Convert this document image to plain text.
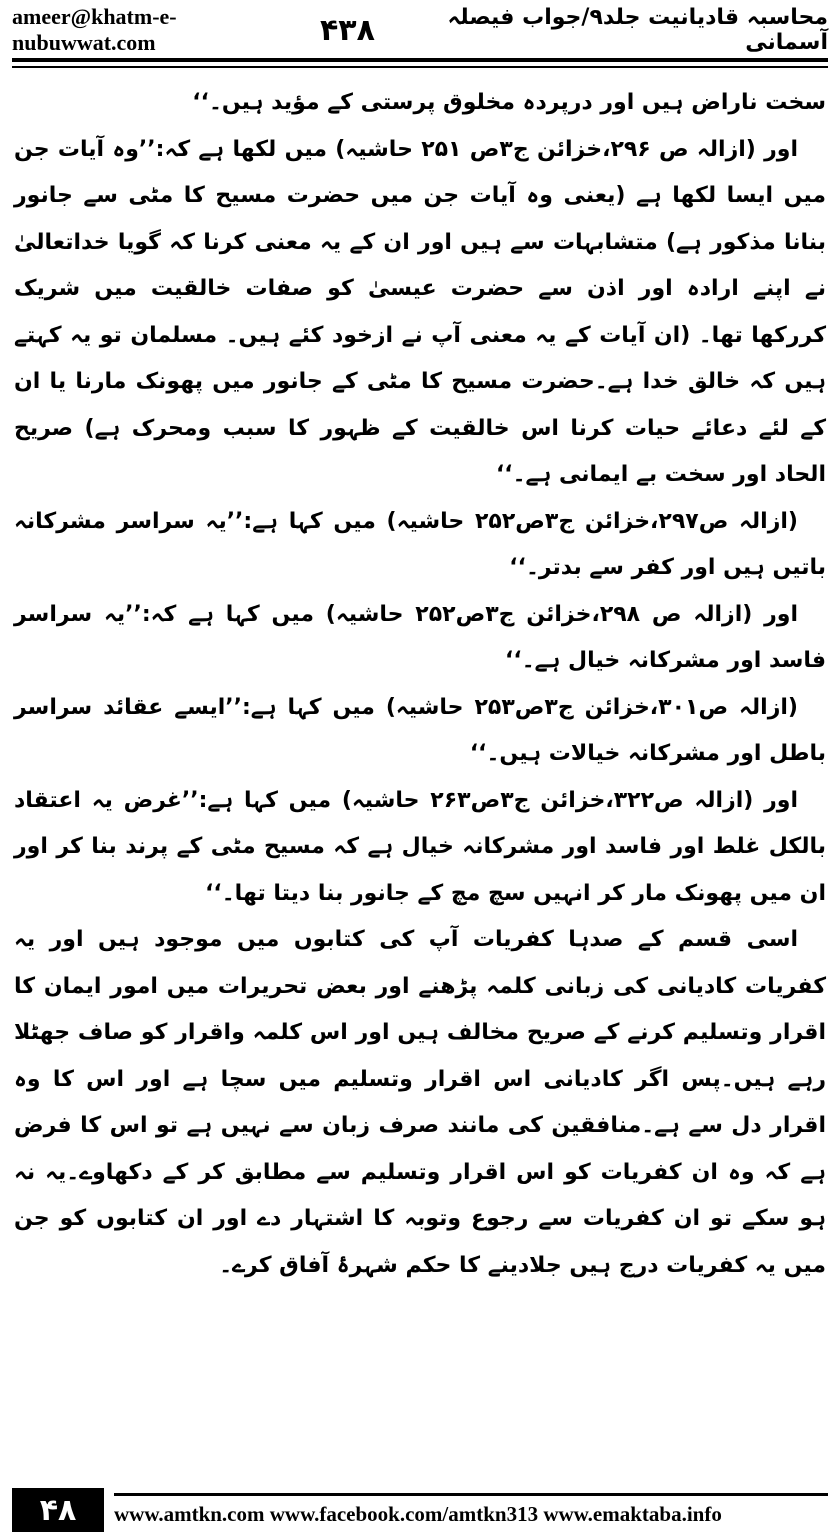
ameer@khatm-e-nubuwwat.com	۴۳۸	محاسبہ قادیانیت جلد۹/جواب فیصلہ آسمانی

سخت ناراض ہیں اور درپردہ مخلوق پرستی کے مؤید ہیں۔‘‘

اور (ازالہ ص ۲۹۶،خزائن ج۳ص ۲۵۱ حاشیہ) میں لکھا ہے کہ:’’وہ آیات جن میں ایسا لکھا ہے (یعنی وہ آیات جن میں حضرت مسیح کا مٹی سے جانور بنانا مذکور ہے) متشابہات سے ہیں اور ان کے یہ معنی کرنا کہ گویا خداتعالیٰ نے اپنے ارادہ اور اذن سے حضرت عیسیٰ کو صفات خالقیت میں شریک کررکھا تھا۔ (ان آیات کے یہ معنی آپ نے ازخود کئے ہیں۔ مسلمان تو یہ کہتے ہیں کہ خالق خدا ہے۔حضرت مسیح کا مٹی کے جانور میں پھونک مارنا یا ان کے لئے دعائے حیات کرنا اس خالقیت کے ظہور کا سبب ومحرک ہے) صریح الحاد اور سخت بے ایمانی ہے۔‘‘

(ازالہ ص۲۹۷،خزائن ج۳ص۲۵۲ حاشیہ) میں کہا ہے:’’یہ سراسر مشرکانہ باتیں ہیں اور کفر سے بدتر۔‘‘

اور (ازالہ ص ۲۹۸،خزائن ج۳ص۲۵۲ حاشیہ) میں کہا ہے کہ:’’یہ سراسر فاسد اور مشرکانہ خیال ہے۔‘‘

(ازالہ ص۳۰۱،خزائن ج۳ص۲۵۳ حاشیہ) میں کہا ہے:’’ایسے عقائد سراسر باطل اور مشرکانہ خیالات ہیں۔‘‘

اور (ازالہ ص۳۲۲،خزائن ج۳ص۲۶۳ حاشیہ) میں کہا ہے:’’غرض یہ اعتقاد بالکل غلط اور فاسد اور مشرکانہ خیال ہے کہ مسیح مٹی کے پرند بنا کر اور ان میں پھونک مار کر انہیں سچ مچ کے جانور بنا دیتا تھا۔‘‘

اسی قسم کے صدہا کفریات آپ کی کتابوں میں موجود ہیں اور یہ کفریات کادیانی کی زبانی کلمہ پڑھنے اور بعض تحریرات میں امور ایمان کا اقرار وتسلیم کرنے کے صریح مخالف ہیں اور اس کلمہ واقرار کو صاف جھٹلا رہے ہیں۔پس اگر کادیانی اس اقرار وتسلیم میں سچا ہے اور اس کا وہ اقرار دل سے ہے۔منافقین کی مانند صرف زبان سے نہیں ہے تو اس کا فرض ہے کہ وہ ان کفریات کو اس اقرار وتسلیم سے مطابق کر کے دکھاوے۔یہ نہ ہو سکے تو ان کفریات سے رجوع وتوبہ کا اشتہار دے اور ان کتابوں کو جن میں یہ کفریات درج ہیں جلادینے کا حکم شہرۂ آفاق کرے۔

۴۸	www.amtkn.com www.facebook.com/amtkn313 www.emaktaba.info
